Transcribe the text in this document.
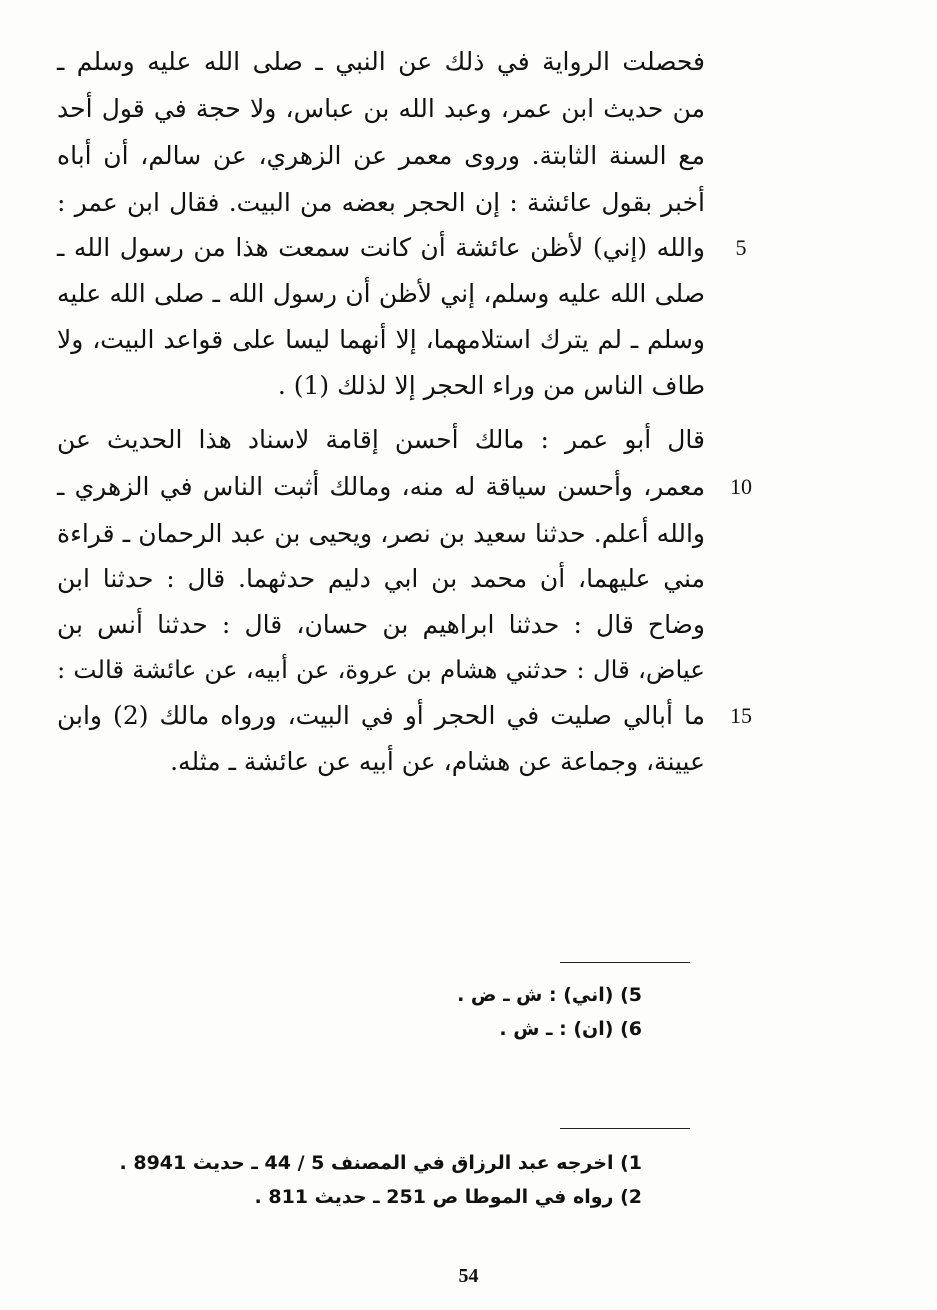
فحصلت الرواية في ذلك عن النبي ـ صلى الله عليه وسلم ـ
من حديث ابن عمر، وعبد الله بن عباس، ولا حجة في قول أحد
مع السنة الثابتة. وروى معمر عن الزهري، عن سالم، أن أباه
أخبر بقول عائشة : إن الحجر بعضه من البيت. فقال ابن عمر :
والله (إني) لأظن عائشة أن كانت سمعت هذا من رسول الله ـ
صلى الله عليه وسلم، إني لأظن أن رسول الله ـ صلى الله عليه
وسلم ـ لم يترك استلامهما، إلا أنهما ليسا على قواعد البيت، ولا
طاف الناس من وراء الحجر إلا لذلك (1) .
قال أبو عمر : مالك أحسن إقامة لاسناد هذا الحديث عن
معمر، وأحسن سياقة له منه، ومالك أثبت الناس في الزهري ـ
والله أعلم. حدثنا سعيد بن نصر، ويحيى بن عبد الرحمان ـ قراءة
مني عليهما، أن محمد بن ابي دليم حدثهما. قال : حدثنا ابن
وضاح قال : حدثنا ابراهيم بن حسان، قال : حدثنا أنس بن
عياض، قال : حدثني هشام بن عروة، عن أبيه، عن عائشة قالت :
ما أبالي صليت في الحجر أو في البيت، ورواه مالك (2) وابن
عيينة، وجماعة عن هشام، عن أبيه عن عائشة ـ مثله.
5
10
15
5) (اني) : ش ـ ض .
6) (ان) : ـ ش .
1) اخرجه عبد الرزاق في المصنف 5 / 44 ـ حديث 8941 .
2) رواه في الموطا ص 251 ـ حديث 811 .
54
